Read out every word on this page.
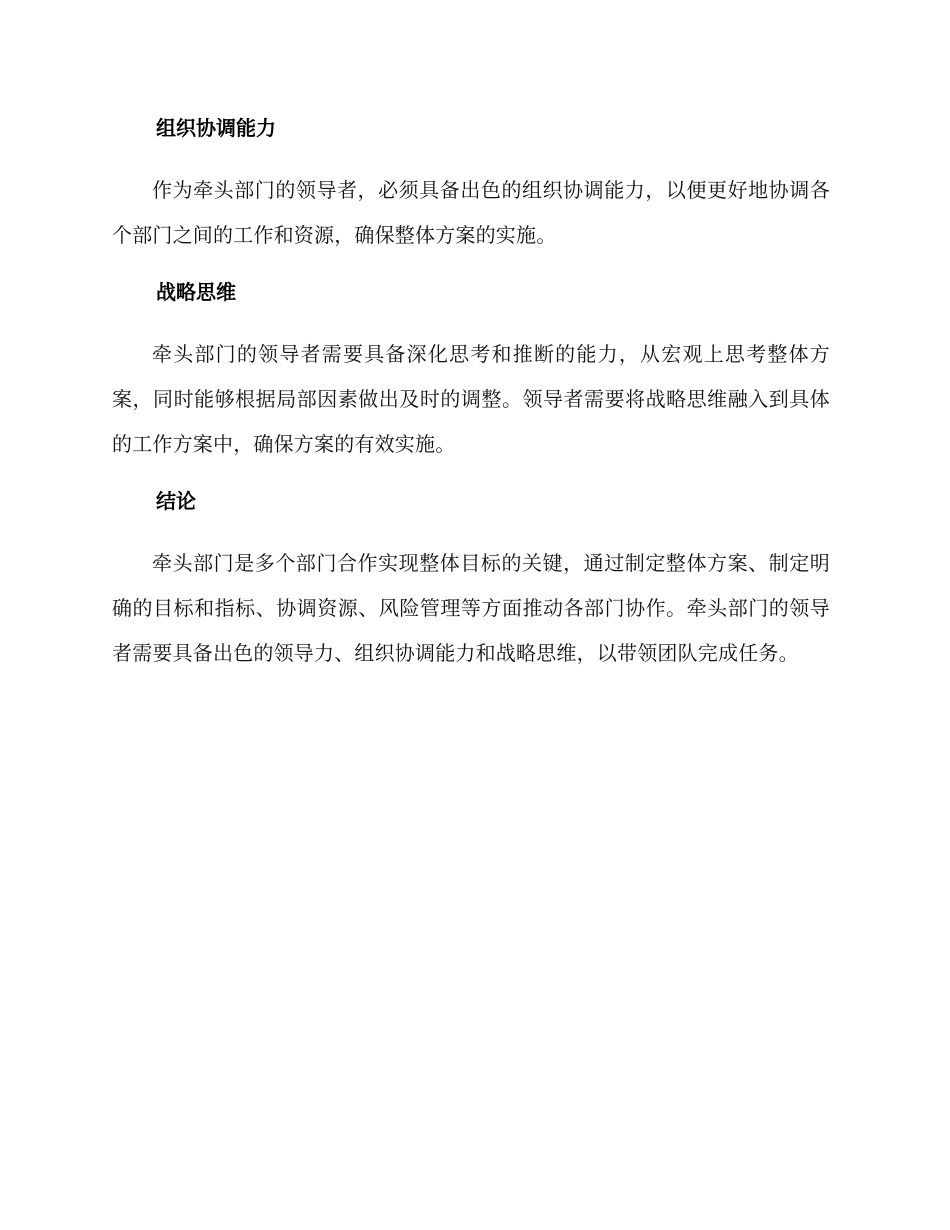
组织协调能力

作为牵头部门的领导者，必须具备出色的组织协调能力，以便更好地协调各个部门之间的工作和资源，确保整体方案的实施。

战略思维

牵头部门的领导者需要具备深化思考和推断的能力，从宏观上思考整体方案，同时能够根据局部因素做出及时的调整。领导者需要将战略思维融入到具体的工作方案中，确保方案的有效实施。

结论

牵头部门是多个部门合作实现整体目标的关键，通过制定整体方案、制定明确的目标和指标、协调资源、风险管理等方面推动各部门协作。牵头部门的领导者需要具备出色的领导力、组织协调能力和战略思维，以带领团队完成任务。
